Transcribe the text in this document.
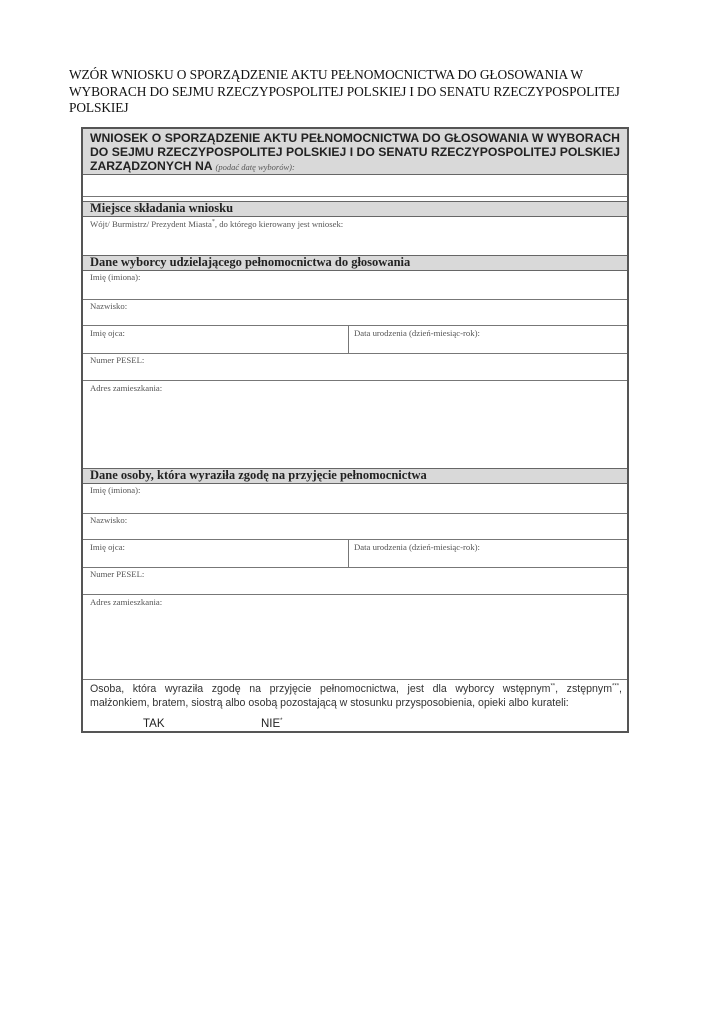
WZÓR WNIOSKU O SPORZĄDZENIE AKTU PEŁNOMOCNICTWA DO GŁOSOWANIA W WYBORACH DO SEJMU RZECZYPOSPOLITEJ POLSKIEJ I DO SENATU RZECZYPOSPOLITEJ POLSKIEJ
WNIOSEK O SPORZĄDZENIE AKTU PEŁNOMOCNICTWA DO GŁOSOWANIA W WYBORACH DO SEJMU RZECZYPOSPOLITEJ POLSKIEJ I DO SENATU RZECZYPOSPOLITEJ POLSKIEJ ZARZĄDZONYCH NA (podać datę wyborów):
Miejsce składania wniosku
Wójt/ Burmistrz/ Prezydent Miasta*, do którego kierowany jest wniosek:
Dane wyborcy udzielającego pełnomocnictwa do głosowania
Imię (imiona):
Nazwisko:
Imię ojca:	Data urodzenia (dzień-miesiąc-rok):
Numer PESEL:
Adres zamieszkania:
Dane osoby, która wyraziła zgodę na przyjęcie pełnomocnictwa
Imię (imiona):
Nazwisko:
Imię ojca:	Data urodzenia (dzień-miesiąc-rok):
Numer PESEL:
Adres zamieszkania:
Osoba, która wyraziła zgodę na przyjęcie pełnomocnictwa, jest dla wyborcy wstępnym**, zstępnym***,
małżonkiem, bratem, siostrą albo osobą pozostającą w stosunku przysposobienia, opieki albo kurateli:
TAK	NIE*
